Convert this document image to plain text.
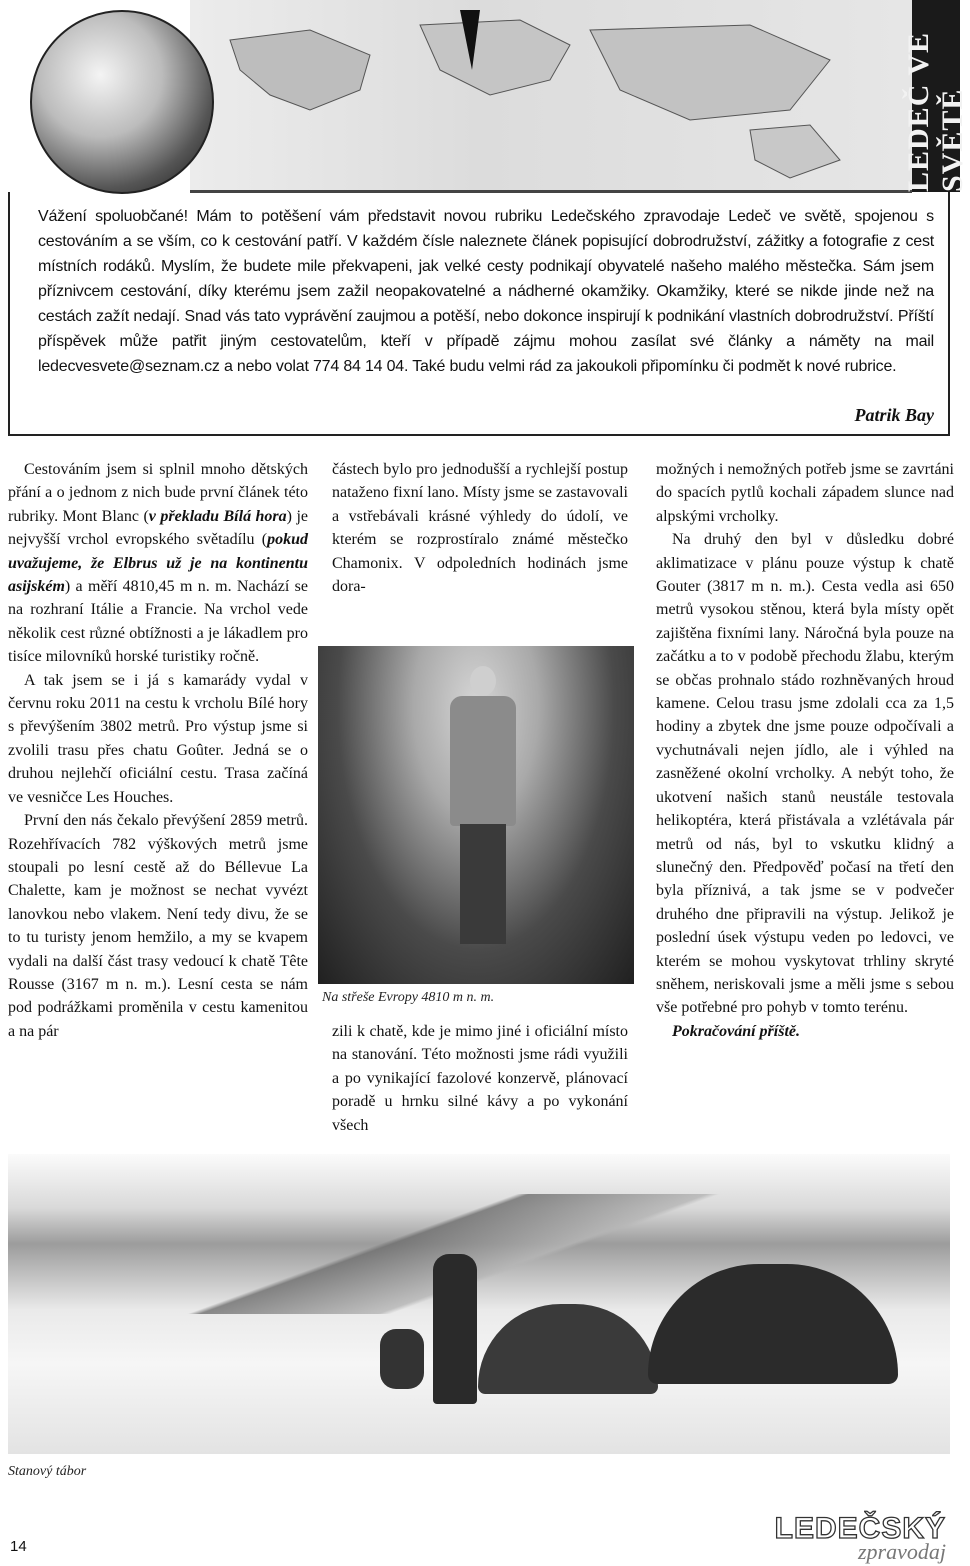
LEDEČ VE SVĚTĚ

Vážení spoluobčané! Mám to potěšení vám představit novou rubriku Ledečského zpravodaje Ledeč ve světě, spojenou s cestováním a se vším, co k cestování patří. V každém čísle naleznete článek popisující dobrodružství, zážitky a fotografie z cest místních rodáků. Myslím, že budete mile překvapeni, jak velké cesty podnikají obyvatelé našeho malého městečka. Sám jsem příznivcem cestování, díky kterému jsem zažil neopakovatelné a nádherné okamžiky. Okamžiky, které se nikde jinde než na cestách zažít nedají. Snad vás tato vyprávění zaujmou a potěší, nebo dokonce inspirují k podnikání vlastních dobrodružství. Příští příspěvek může patřit jiným cestovatelům, kteří v případě zájmu mohou zasílat své články a náměty na mail ledecvesvete@seznam.cz a nebo volat 774 84 14 04. Také budu velmi rád za jakoukoli připomínku či podmět k nové rubrice.

Patrik Bay

Cestováním jsem si splnil mnoho dětských přání a o jednom z nich bude první článek této rubriky. Mont Blanc (v překladu Bílá hora) je nejvyšší vrchol evropského světadílu (pokud uvažujeme, že Elbrus už je na kontinentu asijském) a měří 4810,45 m n. m. Nachází se na rozhraní Itálie a Francie. Na vrchol vede několik cest různé obtížnosti a je lákadlem pro tisíce milovníků horské turistiky ročně.

A tak jsem se i já s kamarády vydal v červnu roku 2011 na cestu k vrcholu Bílé hory s převýšením 3802 metrů. Pro výstup jsme si zvolili trasu přes chatu Goûter. Jedná se o druhou nejlehčí oficiální cestu. Trasa začíná ve vesničce Les Houches.

První den nás čekalo převýšení 2859 metrů. Rozehřívacích 782 výškových metrů jsme stoupali po lesní cestě až do Béllevue La Chalette, kam je možnost se nechat vyvézt lanovkou nebo vlakem. Není tedy divu, že se to tu turisty jenom hemžilo, a my se kvapem vydali na další část trasy vedoucí k chatě Tête Rousse (3167 m n. m.). Lesní cesta se nám pod podrážkami proměnila v cestu kamenitou a na pár

částech bylo pro jednodušší a rychlejší postup nataženo fixní lano. Místy jsme se zastavovali a vstřebávali krásné výhledy do údolí, ve kterém se rozprostíralo známé městečko Chamonix. V odpoledních hodinách jsme dora-

Na střeše Evropy 4810 m n. m.

zili k chatě, kde je mimo jiné i oficiální místo na stanování. Této možnosti jsme rádi využili a po vynikající fazolové konzervě, plánovací poradě u hrnku silné kávy a po vykonání všech

možných i nemožných potřeb jsme se zavrtáni do spacích pytlů kochali západem slunce nad alpskými vrcholky.

Na druhý den byl v důsledku dobré aklimatizace v plánu pouze výstup k chatě Gouter (3817 m n. m.). Cesta vedla asi 650 metrů vysokou stěnou, která byla místy opět zajištěna fixními lany. Náročná byla pouze na začátku a to v podobě přechodu žlabu, kterým se občas prohnalo stádo rozhněvaných hroud kamene. Celou trasu jsme zdolali cca za 1,5 hodiny a zbytek dne jsme pouze odpočívali a vychutnávali nejen jídlo, ale i výhled na zasněžené okolní vrcholky. A nebýt toho, že ukotvení našich stanů neustále testovala helikoptéra, která přistávala a vzlétávala pár metrů od nás, byl to vskutku klidný a slunečný den. Předpověď počasí na třetí den byla příznivá, a tak jsme se v podvečer druhého dne připravili na výstup. Jelikož je poslední úsek výstupu veden po ledovci, ve kterém se mohou vyskytovat trhliny skryté sněhem, neriskovali jsme a měli jsme s sebou vše potřebné pro pohyb v tomto terénu.

Pokračování příště.

Stanový tábor
14
LEDEČSKÝ
zpravodaj
